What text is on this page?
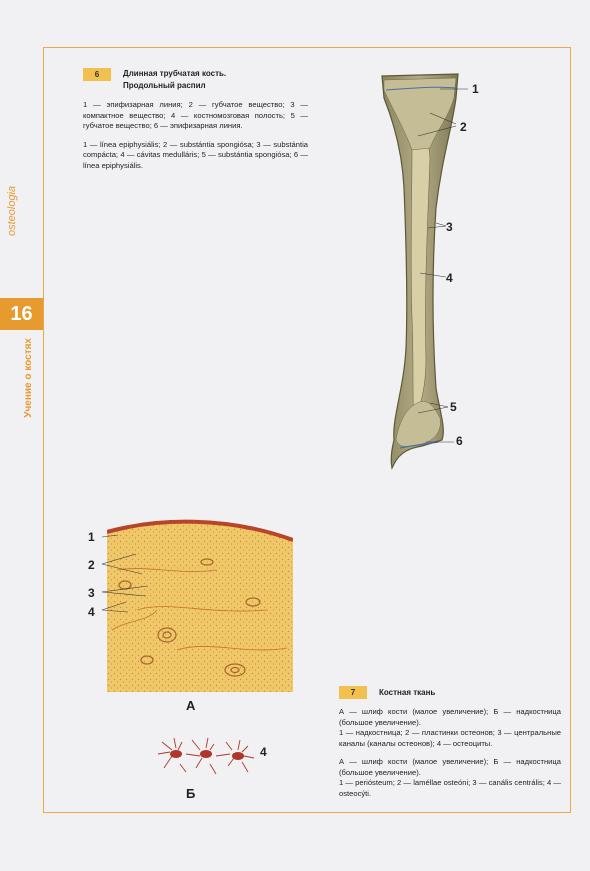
osteologia
16
Учение о костях
6	Длинная трубчатая кость.
Продольный распил
1 — эпифизарная линия; 2 — губчатое вещество; 3 — компактное вещество; 4 — костномозговая полость; 5 — губчатое вещество; 6 — эпифизарная линия.
1 — línea epiphysiális; 2 — substántia spongiósa; 3 — substántia compácta; 4 — cávitas medulláris; 5 — substántia spongiósa; 6 — línea epiphysiális.
1
2
3
4
5
6
1
2
3
4
А
4
Б
7	Костная ткань
А — шлиф кости (малое увеличение); Б — надкостница (большое увеличение).
1 — надкостница; 2 — пластинки остеонов; 3 — центральные каналы (каналы остеонов); 4 — остеоциты.
А — шлиф кости (малое увеличение); Б — надкостница (большое увеличение).
1 — periósteum; 2 — laméllae osteóni; 3 — canális centrális; 4 — osteocýti.
